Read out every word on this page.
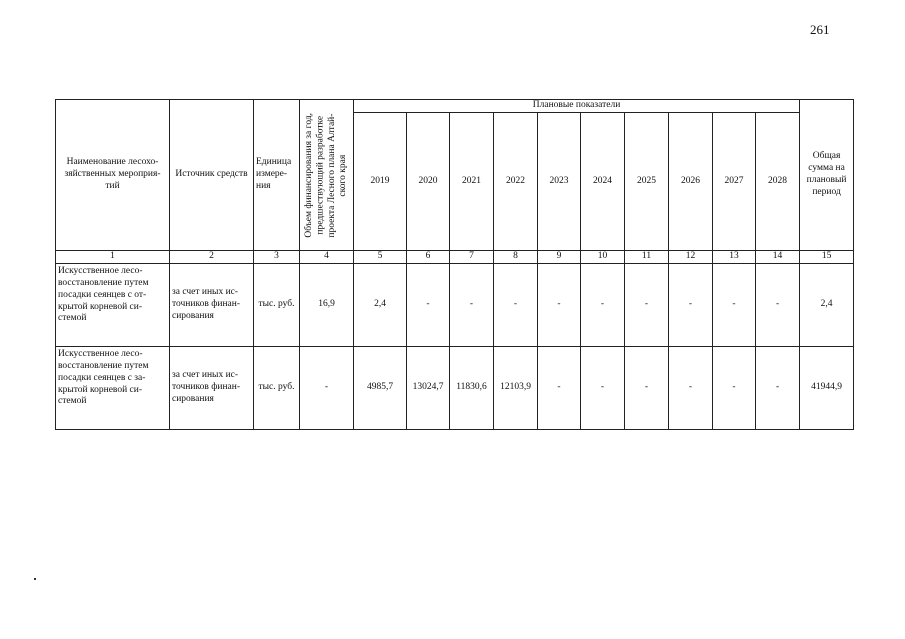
261
Наименование лесохо-зяйственных мероприя-тий	Источник средств	Единица измере-ния	Объем финансирования за год, предшествующий разработке проекта Лесного плана Алтай- ского края	Плановые показатели										Общая сумма на плановый период
				2019	2020	2021	2022	2023	2024	2025	2026	2027	2028	
1	2	3	4	5	6	7	8	9	10	11	12	13	14	15
Искусственное лесо-восстановление путем посадки сеянцев с от-крытой корневой си-стемой	за счет иных ис-точников финан-сирования	тыс. руб.	16,9	2,4	-	-	-	-	-	-	-	-	-	2,4
Искусственное лесо-восстановление путем посадки сеянцев с за-крытой корневой си-стемой	за счет иных ис-точников финан-сирования	тыс. руб.	-	4985,7	13024,7	11830,6	12103,9	-	-	-	-	-	-	41944,9
